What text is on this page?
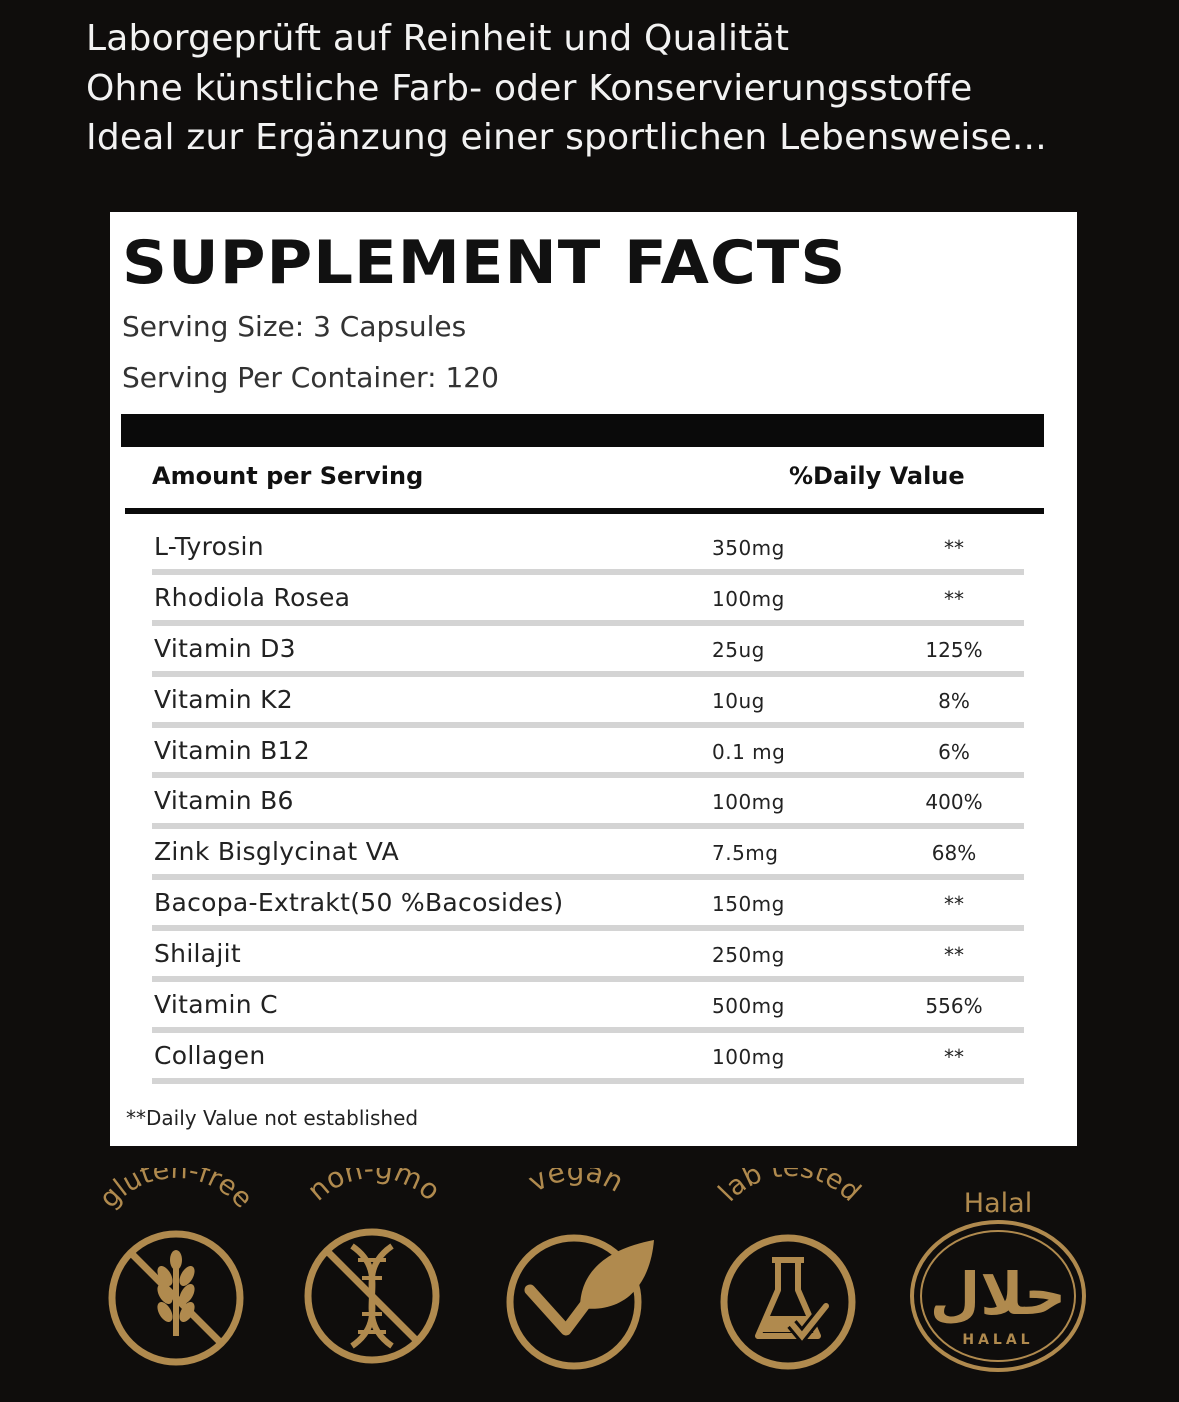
Laborgeprüft auf Reinheit und Qualität
Ohne künstliche Farb- oder Konservierungsstoffe
Ideal zur Ergänzung einer sportlichen Lebensweise...
SUPPLEMENT FACTS
Serving Size: 3 Capsules
Serving Per Container: 120
Amount per Serving	%Daily Value
L-Tyrosin	350mg	**
Rhodiola Rosea	100mg	**
Vitamin D3	25ug	125%
Vitamin K2	10ug	8%
Vitamin B12	0.1 mg	6%
Vitamin B6	100mg	400%
Zink Bisglycinat VA	7.5mg	68%
Bacopa-Extrakt(50 %Bacosides)	150mg	**
Shilajit	250mg	**
Vitamin C	500mg	556%
Collagen	100mg	**
**Daily Value not established
gluten-free non-gmo	vegan	lab t sted	Halal
حلال
HALAL
